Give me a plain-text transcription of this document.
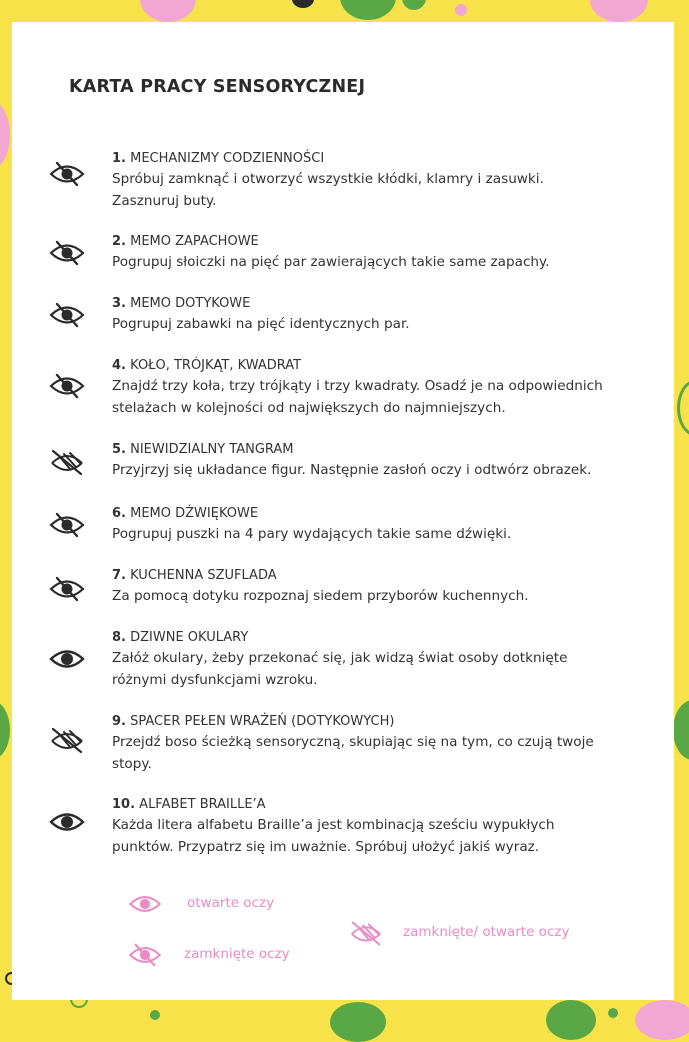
KARTA PRACY SENSORYCZNEJ
1. MECHANIZMY CODZIENNOŚCI
Spróbuj zamknąć i otworzyć wszystkie kłódki, klamry i zasuwki.
Zasznuruj buty.
2. MEMO ZAPACHOWE
Pogrupuj słoiczki na pięć par zawierających takie same zapachy.
3. MEMO DOTYKOWE
Pogrupuj zabawki na pięć identycznych par.
4. KOŁO, TRÓJKĄT, KWADRAT
Znajdź trzy koła, trzy trójkąty i trzy kwadraty. Osadź je na odpowiednich
stelażach w kolejności od największych do najmniejszych.
5. NIEWIDZIALNY TANGRAM
Przyjrzyj się układance figur. Następnie zasłoń oczy i odtwórz obrazek.
6. MEMO DŹWIĘKOWE
Pogrupuj puszki na 4 pary wydających takie same dźwięki.
7. KUCHENNA SZUFLADA
Za pomocą dotyku rozpoznaj siedem przyborów kuchennych.
8. DZIWNE OKULARY
Załóż okulary, żeby przekonać się, jak widzą świat osoby dotknięte
różnymi dysfunkcjami wzroku.
9. SPACER PEŁEN WRAŻEŃ (DOTYKOWYCH)
Przejdź boso ścieżką sensoryczną, skupiając się na tym, co czują twoje
stopy.
10. ALFABET BRAILLE’A
Każda litera alfabetu Braille’a jest kombinacją sześciu wypukłych
punktów. Przypatrz się im uważnie. Spróbuj ułożyć jakiś wyraz.
otwarte oczy
zamknięte oczy
zamknięte/ otwarte oczy
